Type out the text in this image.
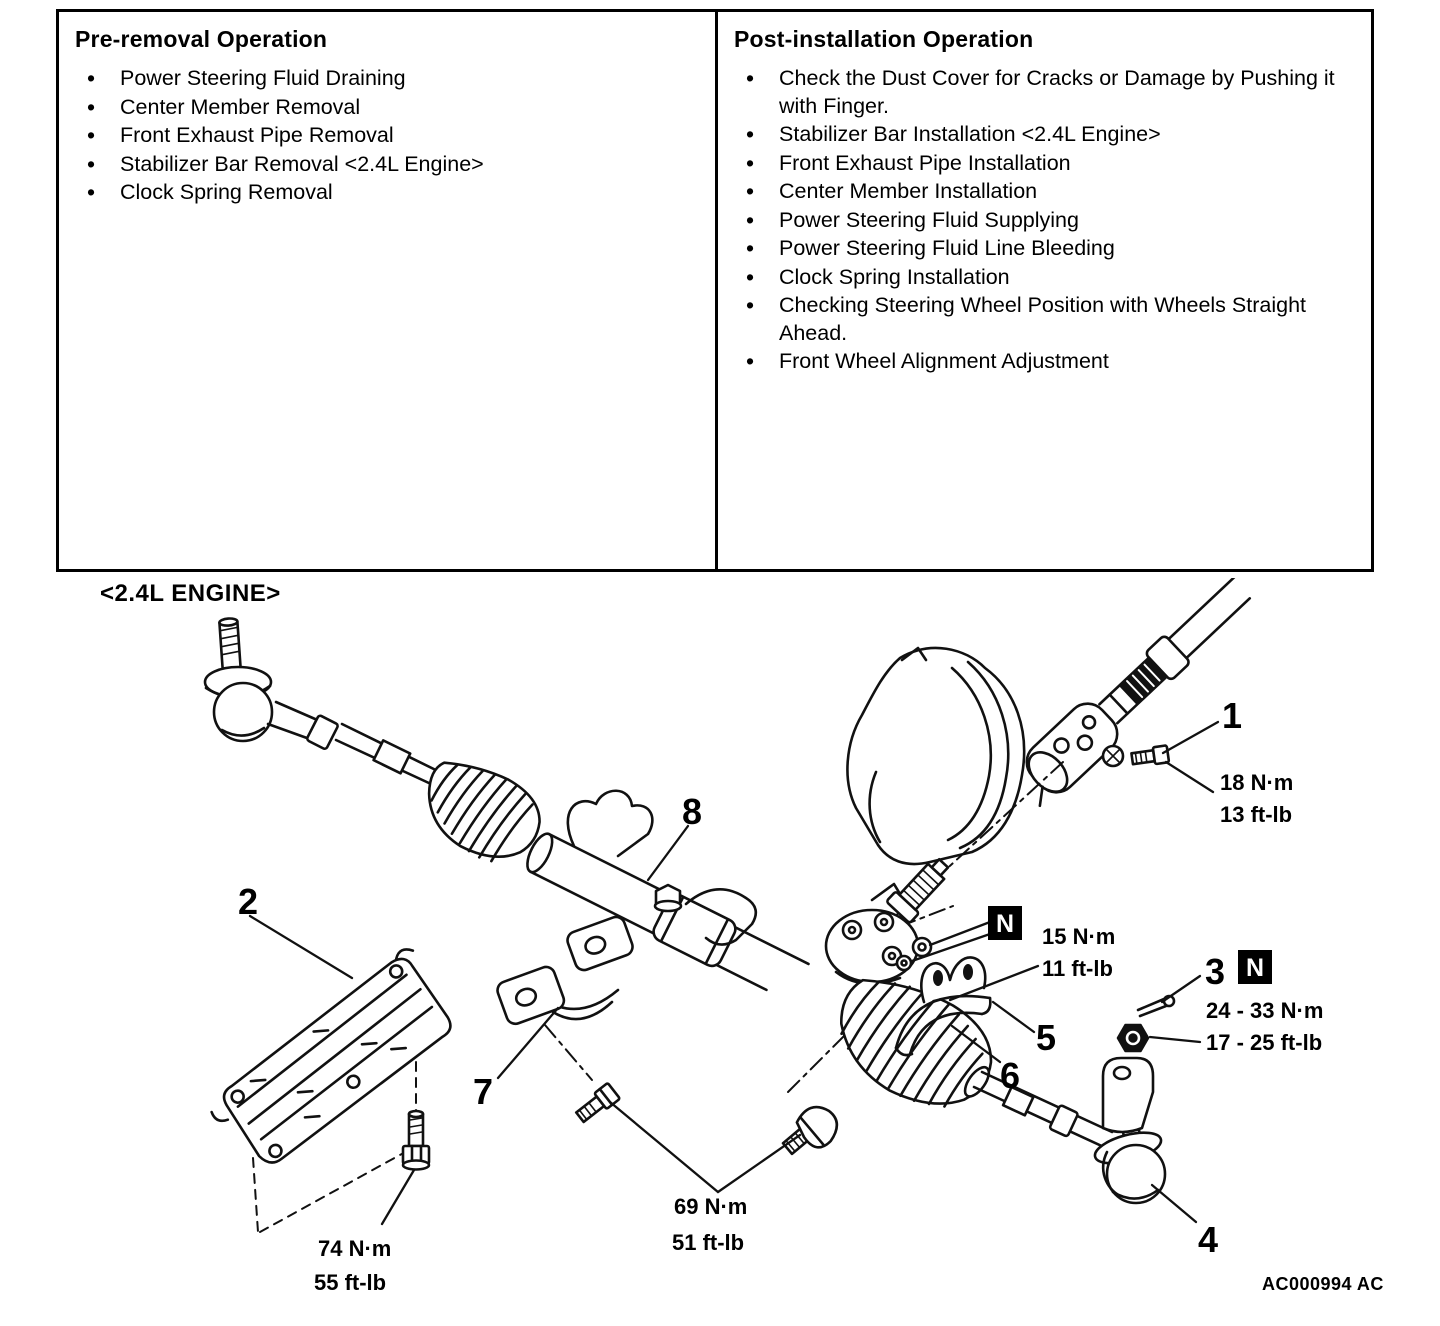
Pre-removal Operation
• Power Steering Fluid Draining
• Center Member Removal
• Front Exhaust Pipe Removal
• Stabilizer Bar Removal <2.4L Engine>
• Clock Spring Removal
Post-installation Operation
• Check the Dust Cover for Cracks or Damage by Pushing it with Finger.
• Stabilizer Bar Installation <2.4L Engine>
• Front Exhaust Pipe Installation
• Center Member Installation
• Power Steering Fluid Supplying
• Power Steering Fluid Line Bleeding
• Clock Spring Installation
• Checking Steering Wheel Position with Wheels Straight Ahead.
• Front Wheel Alignment Adjustment
<2.4L ENGINE>
1
2
3
4
5
6
7
8
N
N
18 N·m
13 ft-lb
15 N·m
11 ft-lb
24 - 33 N·m
17 - 25 ft-lb
69 N·m
51 ft-lb
74 N·m
55 ft-lb	AC000994 AC
